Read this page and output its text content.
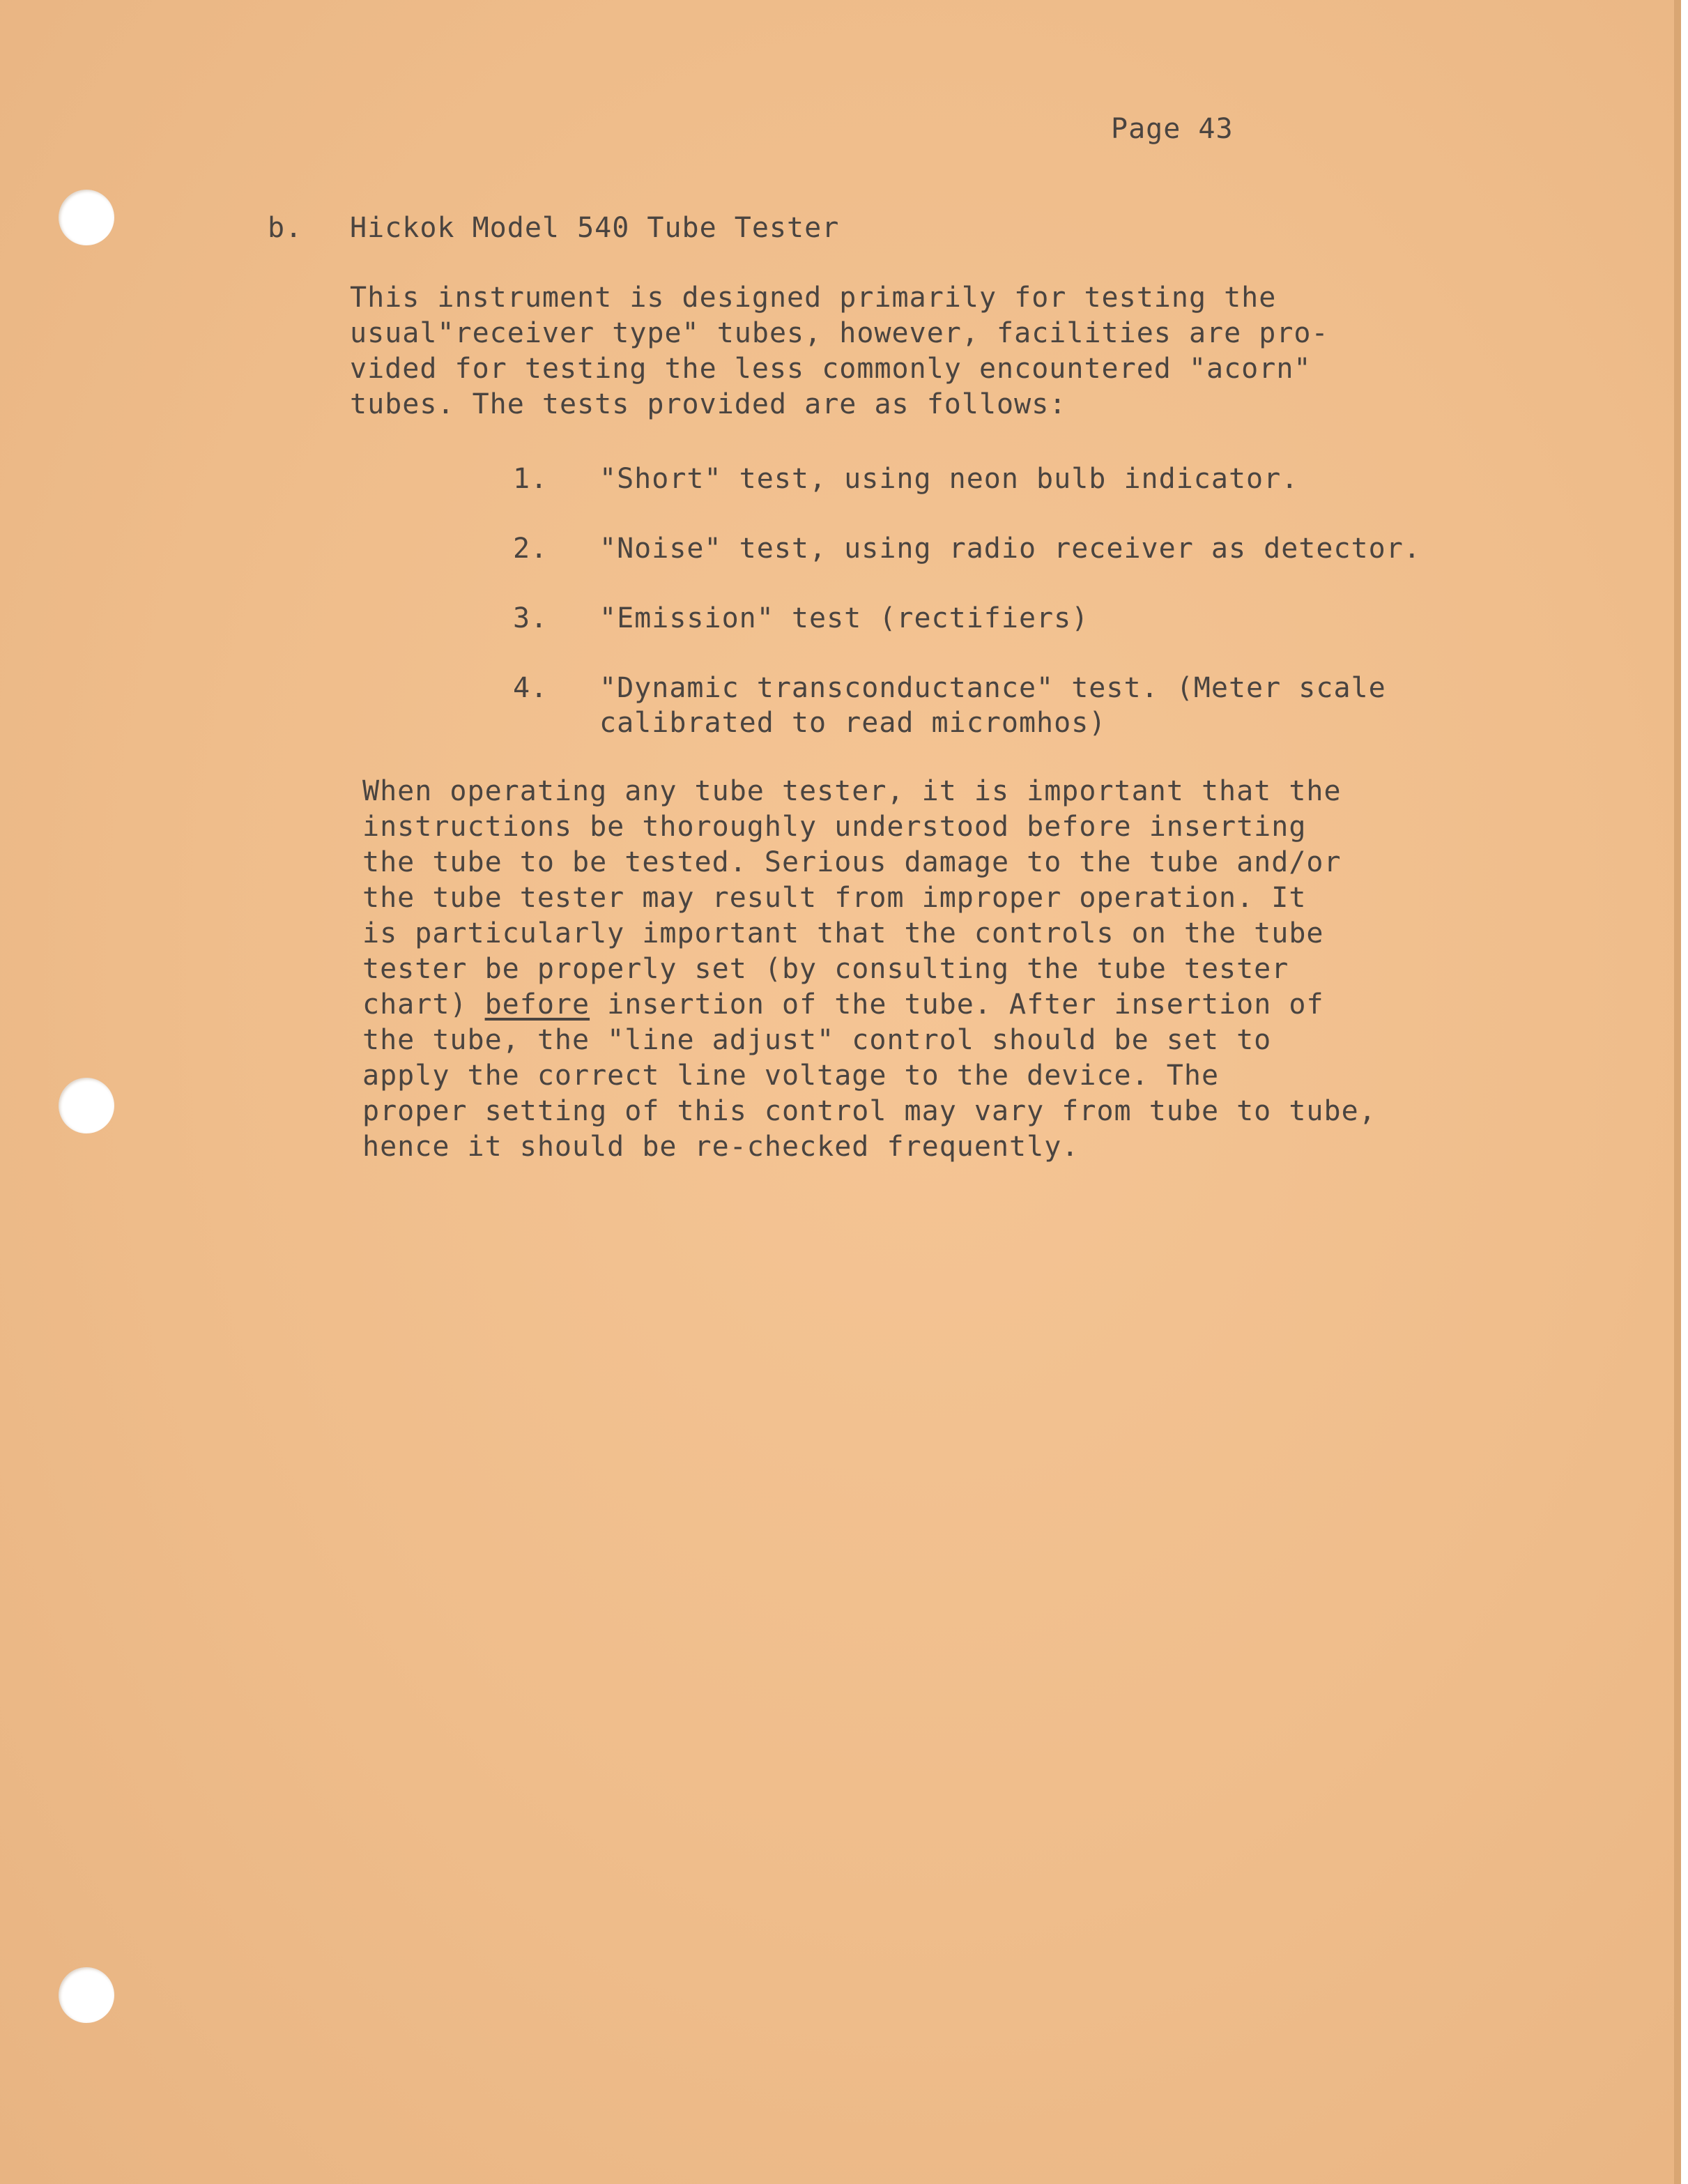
Page 43

b. Hickok Model 540 Tube Tester

This instrument is designed primarily for testing the
usual"receiver type" tubes, however, facilities are pro-
vided for testing the less commonly encountered "acorn"
tubes. The tests provided are as follows:
1. "Short" test, using neon bulb indicator.
2. "Noise" test, using radio receiver as detector.
3. "Emission" test (rectifiers)
4. "Dynamic transconductance" test. (Meter scale
calibrated to read micromhos)
When operating any tube tester, it is important that the
instructions be thoroughly understood before inserting
the tube to be tested. Serious damage to the tube and/or
the tube tester may result from improper operation. It
is particularly important that the controls on the tube
tester be properly set (by consulting the tube tester
chart) before insertion of the tube. After insertion of
the tube, the "line adjust" control should be set to
apply the correct line voltage to the device. The
proper setting of this control may vary from tube to tube,
hence it should be re-checked frequently.
